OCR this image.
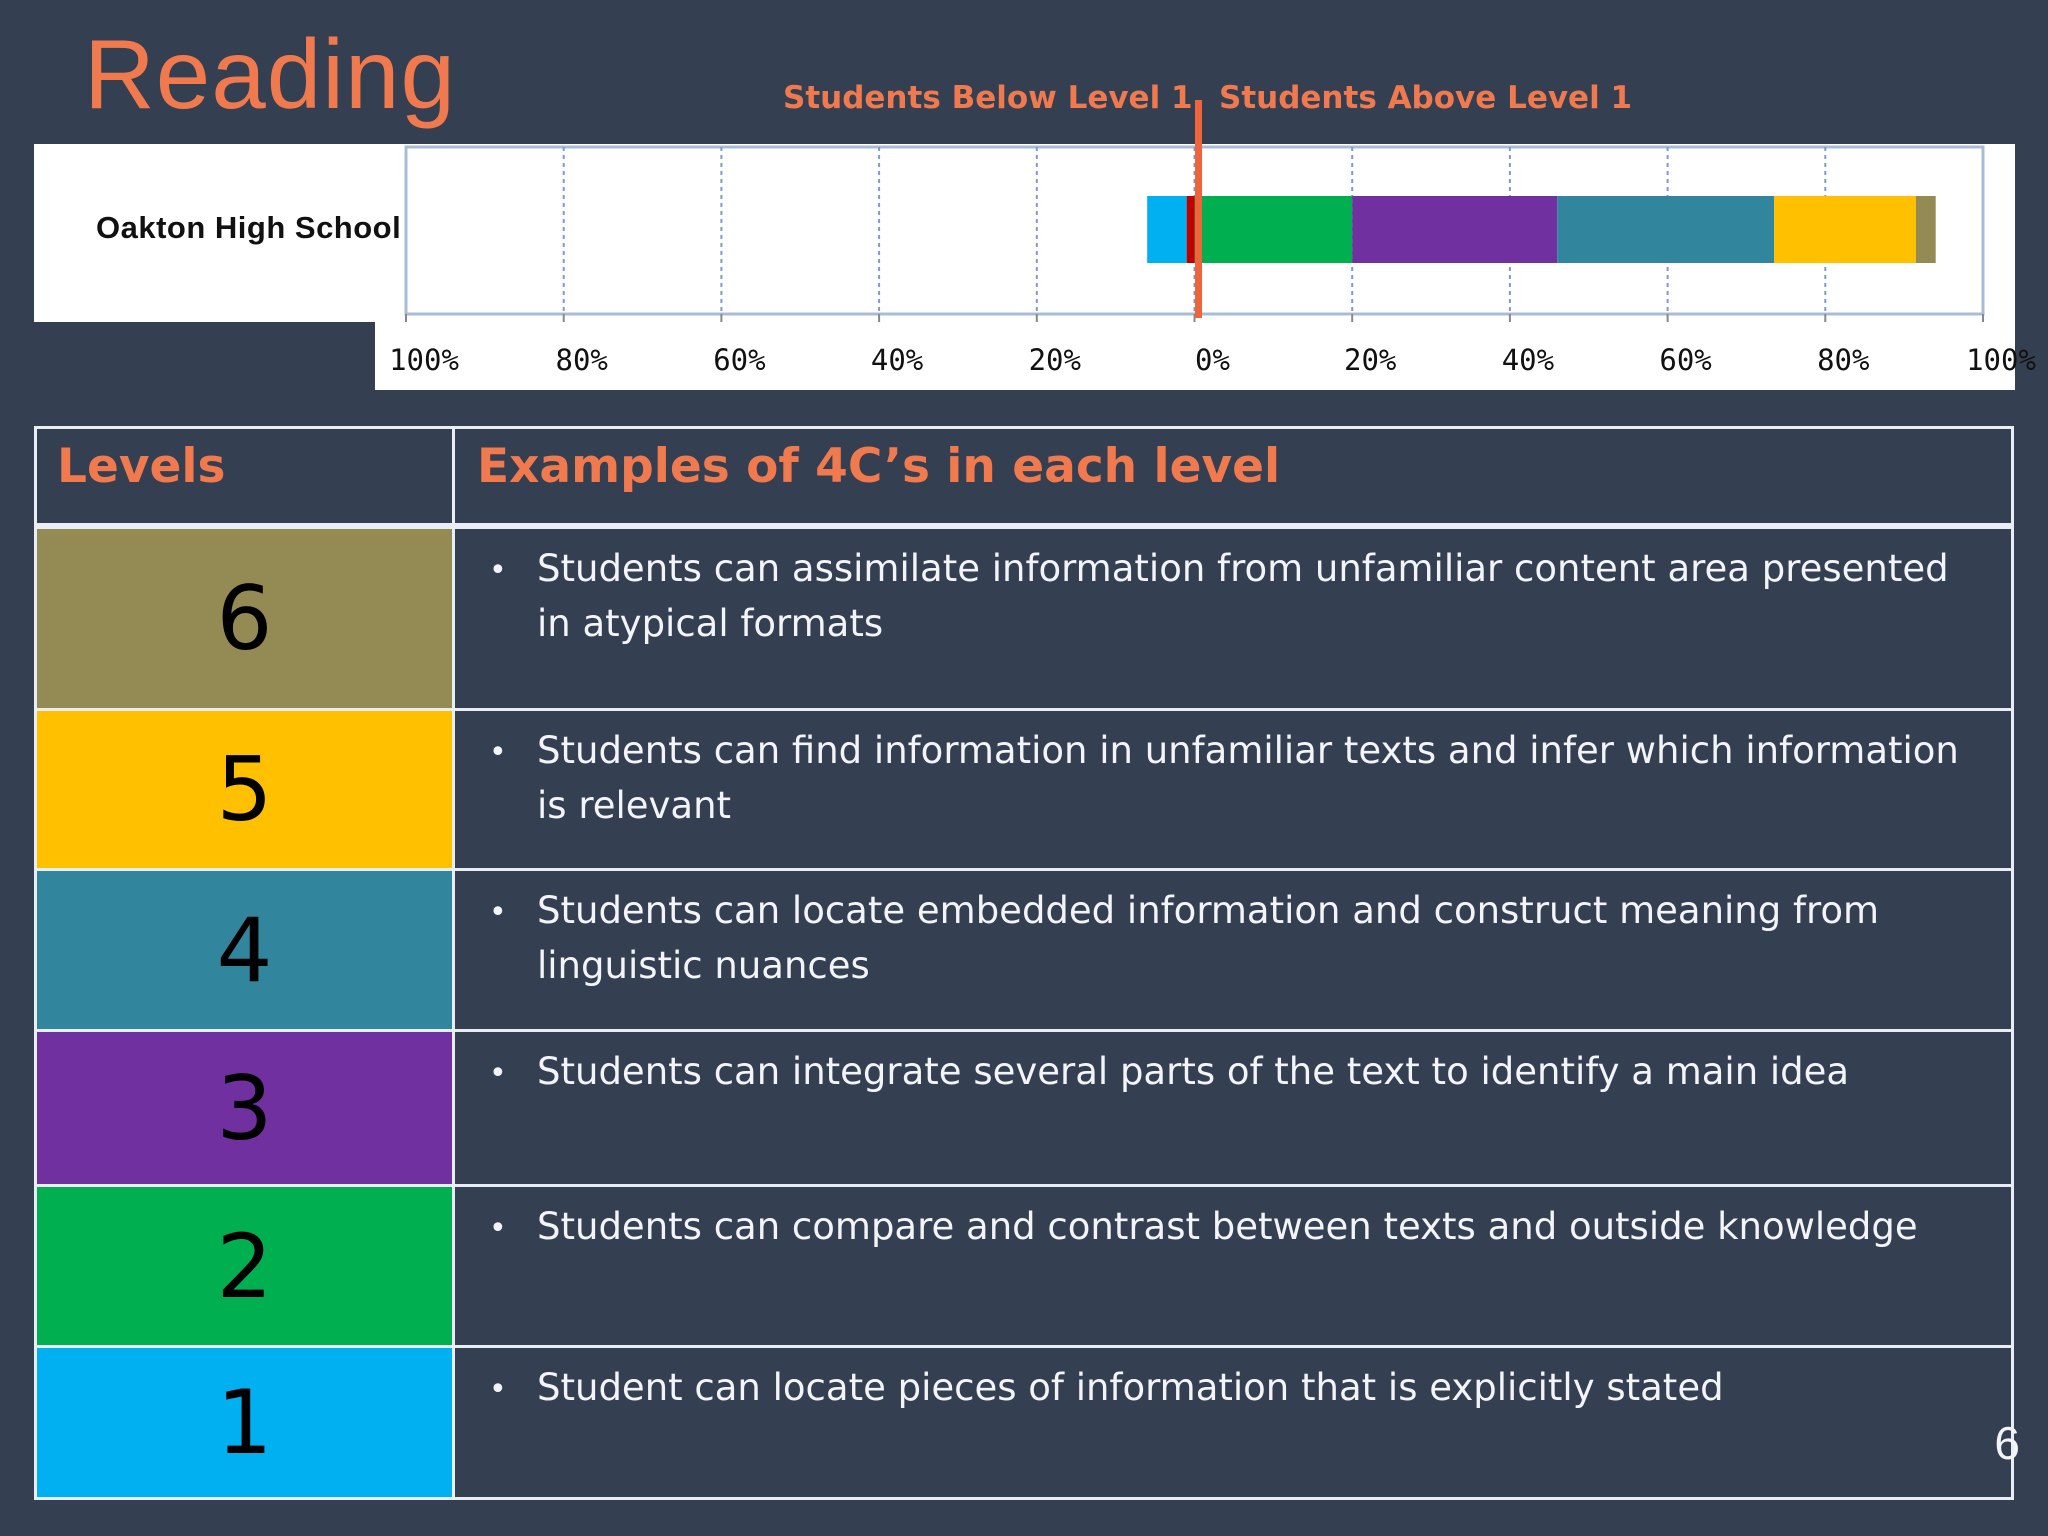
Reading
Oakton High School
100%	80%	60%	40%	20%	0%	20%	40%	60%	80%	100%
Students Below Level 1 Students Above Level 1
Levels	Examples of 4C’s in each level
6	• Students can assimilate information from unfamiliar content area presented in atypical formats
5	• Students can find information in unfamiliar texts and infer which information is relevant
4	• Students can locate embedded information and construct meaning from linguistic nuances
3	• Students can integrate several parts of the text to identify a main idea
2	• Students can compare and contrast between texts and outside knowledge
1	• Student can locate pieces of information that is explicitly stated
6
